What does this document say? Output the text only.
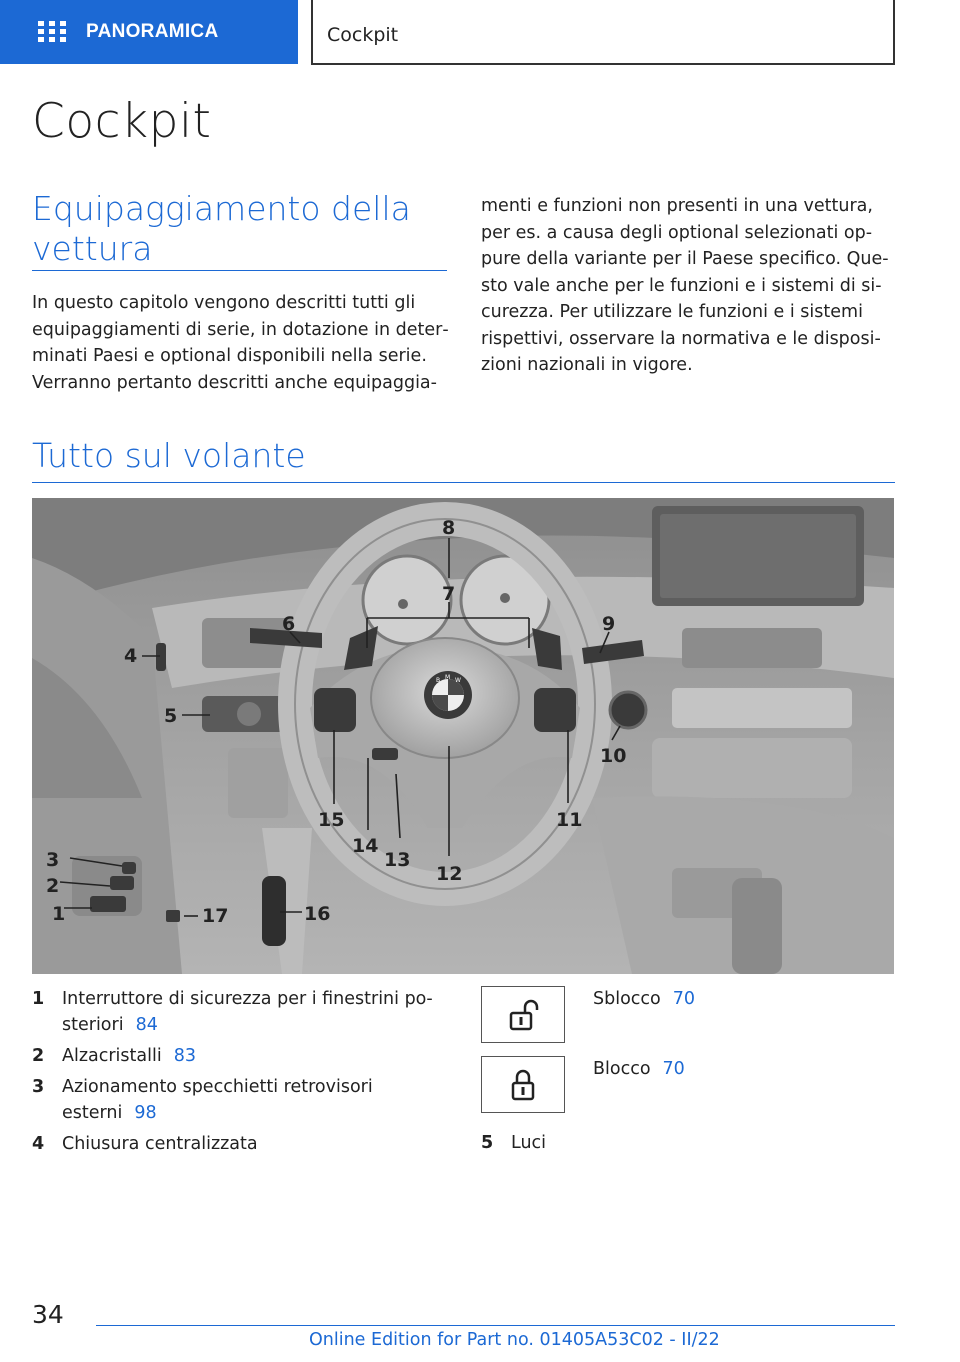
PANORAMICA	Cockpit
Cockpit
Equipaggiamento della vettura

In questo capitolo vengono descritti tutti gli equipaggiamenti di serie, in dotazione in determinati Paesi e optional disponibili nella serie. Verranno pertanto descritti anche equipaggia-

menti e funzioni non presenti in una vettura, per es. a causa degli optional selezionati oppure della variante per il Paese specifico. Questo vale anche per le funzioni e i sistemi di sicurezza. Per utilizzare le funzioni e i sistemi rispettivi, osservare la normativa e le disposizioni nazionali in vigore.

Tutto sul volante
B M W
1
2
3
4
5
6
7
8
9
10
11
12
13
14
15
16
17
1	Interruttore di sicurezza per i finestrini posteriori 84
2	Alzacristalli 83
3	Azionamento specchietti retrovisori esterni 98
4	Chiusura centralizzata
Sblocco 70
Blocco 70
5	Luci
34
Online Edition for Part no. 01405A53C02 - II/22
